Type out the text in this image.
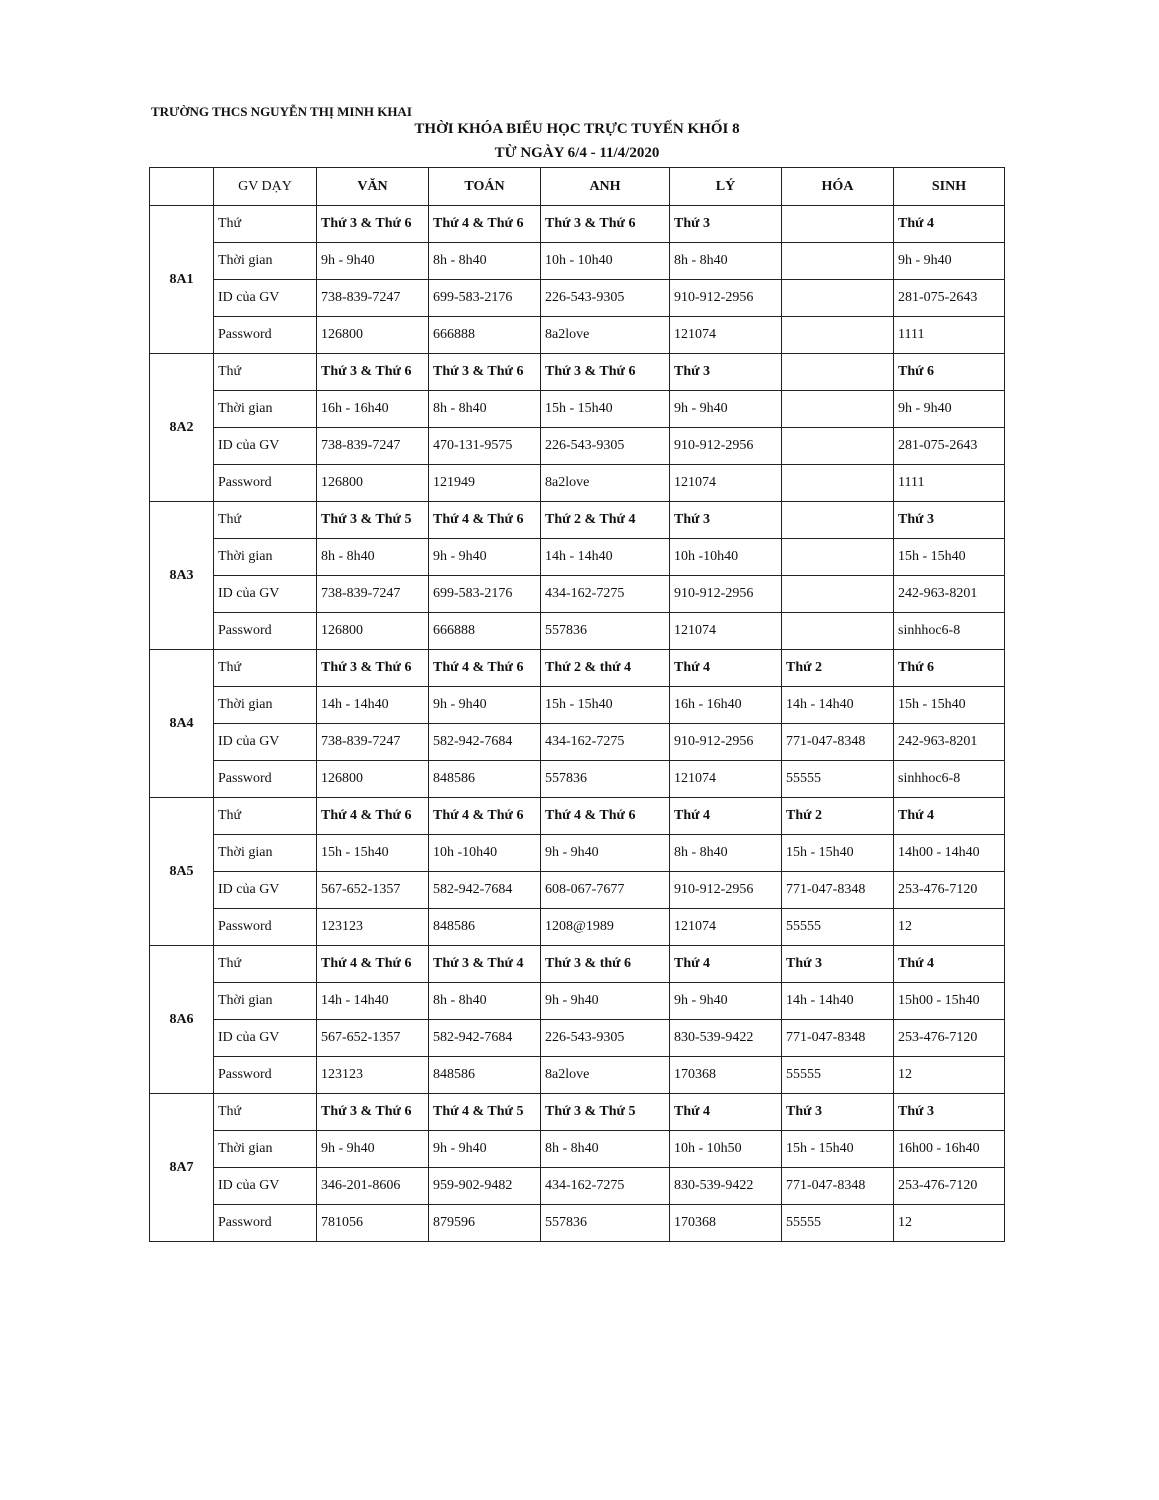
TRƯỜNG THCS NGUYỄN THỊ MINH KHAI
THỜI KHÓA BIỂU HỌC TRỰC TUYẾN KHỐI 8
TỪ NGÀY 6/4 - 11/4/2020
	GV DẠY	VĂN	TOÁN	ANH	LÝ	HÓA	SINH
8A1	Thứ	Thứ 3 & Thứ 6	Thứ 4 & Thứ 6	Thứ 3 & Thứ 6	Thứ 3		Thứ 4
	Thời gian	9h - 9h40	8h - 8h40	10h - 10h40	8h - 8h40		9h - 9h40
	ID của GV	738-839-7247	699-583-2176	226-543-9305	910-912-2956		281-075-2643
	Password	126800	666888	8a2love	121074		1111
8A2	Thứ	Thứ 3 & Thứ 6	Thứ 3 & Thứ 6	Thứ 3 & Thứ 6	Thứ 3		Thứ 6
	Thời gian	16h - 16h40	8h - 8h40	15h - 15h40	9h - 9h40		9h - 9h40
	ID của GV	738-839-7247	470-131-9575	226-543-9305	910-912-2956		281-075-2643
	Password	126800	121949	8a2love	121074		1111
8A3	Thứ	Thứ 3 & Thứ 5	Thứ 4 & Thứ 6	Thứ 2 & Thứ 4	Thứ 3		Thứ 3
	Thời gian	8h - 8h40	9h - 9h40	14h - 14h40	10h -10h40		15h - 15h40
	ID của GV	738-839-7247	699-583-2176	434-162-7275	910-912-2956		242-963-8201
	Password	126800	666888	557836	121074		sinhhoc6-8
8A4	Thứ	Thứ 3 & Thứ 6	Thứ 4 & Thứ 6	Thứ 2 & thứ 4	Thứ 4	Thứ 2	Thứ 6
	Thời gian	14h - 14h40	9h - 9h40	15h - 15h40	16h - 16h40	14h - 14h40	15h - 15h40
	ID của GV	738-839-7247	582-942-7684	434-162-7275	910-912-2956	771-047-8348	242-963-8201
	Password	126800	848586	557836	121074	55555	sinhhoc6-8
8A5	Thứ	Thứ 4 & Thứ 6	Thứ 4 & Thứ 6	Thứ 4 & Thứ 6	Thứ 4	Thứ 2	Thứ 4
	Thời gian	15h - 15h40	10h -10h40	9h - 9h40	8h - 8h40	15h - 15h40	14h00 - 14h40
	ID của GV	567-652-1357	582-942-7684	608-067-7677	910-912-2956	771-047-8348	253-476-7120
	Password	123123	848586	1208@1989	121074	55555	12
8A6	Thứ	Thứ 4 & Thứ 6	Thứ 3 & Thứ 4	Thứ 3 & thứ 6	Thứ 4	Thứ 3	Thứ 4
	Thời gian	14h - 14h40	8h - 8h40	9h - 9h40	9h - 9h40	14h - 14h40	15h00 - 15h40
	ID của GV	567-652-1357	582-942-7684	226-543-9305	830-539-9422	771-047-8348	253-476-7120
	Password	123123	848586	8a2love	170368	55555	12
8A7	Thứ	Thứ 3 & Thứ 6	Thứ 4 & Thứ 5	Thứ 3 & Thứ 5	Thứ 4	Thứ 3	Thứ 3
	Thời gian	9h - 9h40	9h - 9h40	8h - 8h40	10h - 10h50	15h - 15h40	16h00 - 16h40
	ID của GV	346-201-8606	959-902-9482	434-162-7275	830-539-9422	771-047-8348	253-476-7120
	Password	781056	879596	557836	170368	55555	12
